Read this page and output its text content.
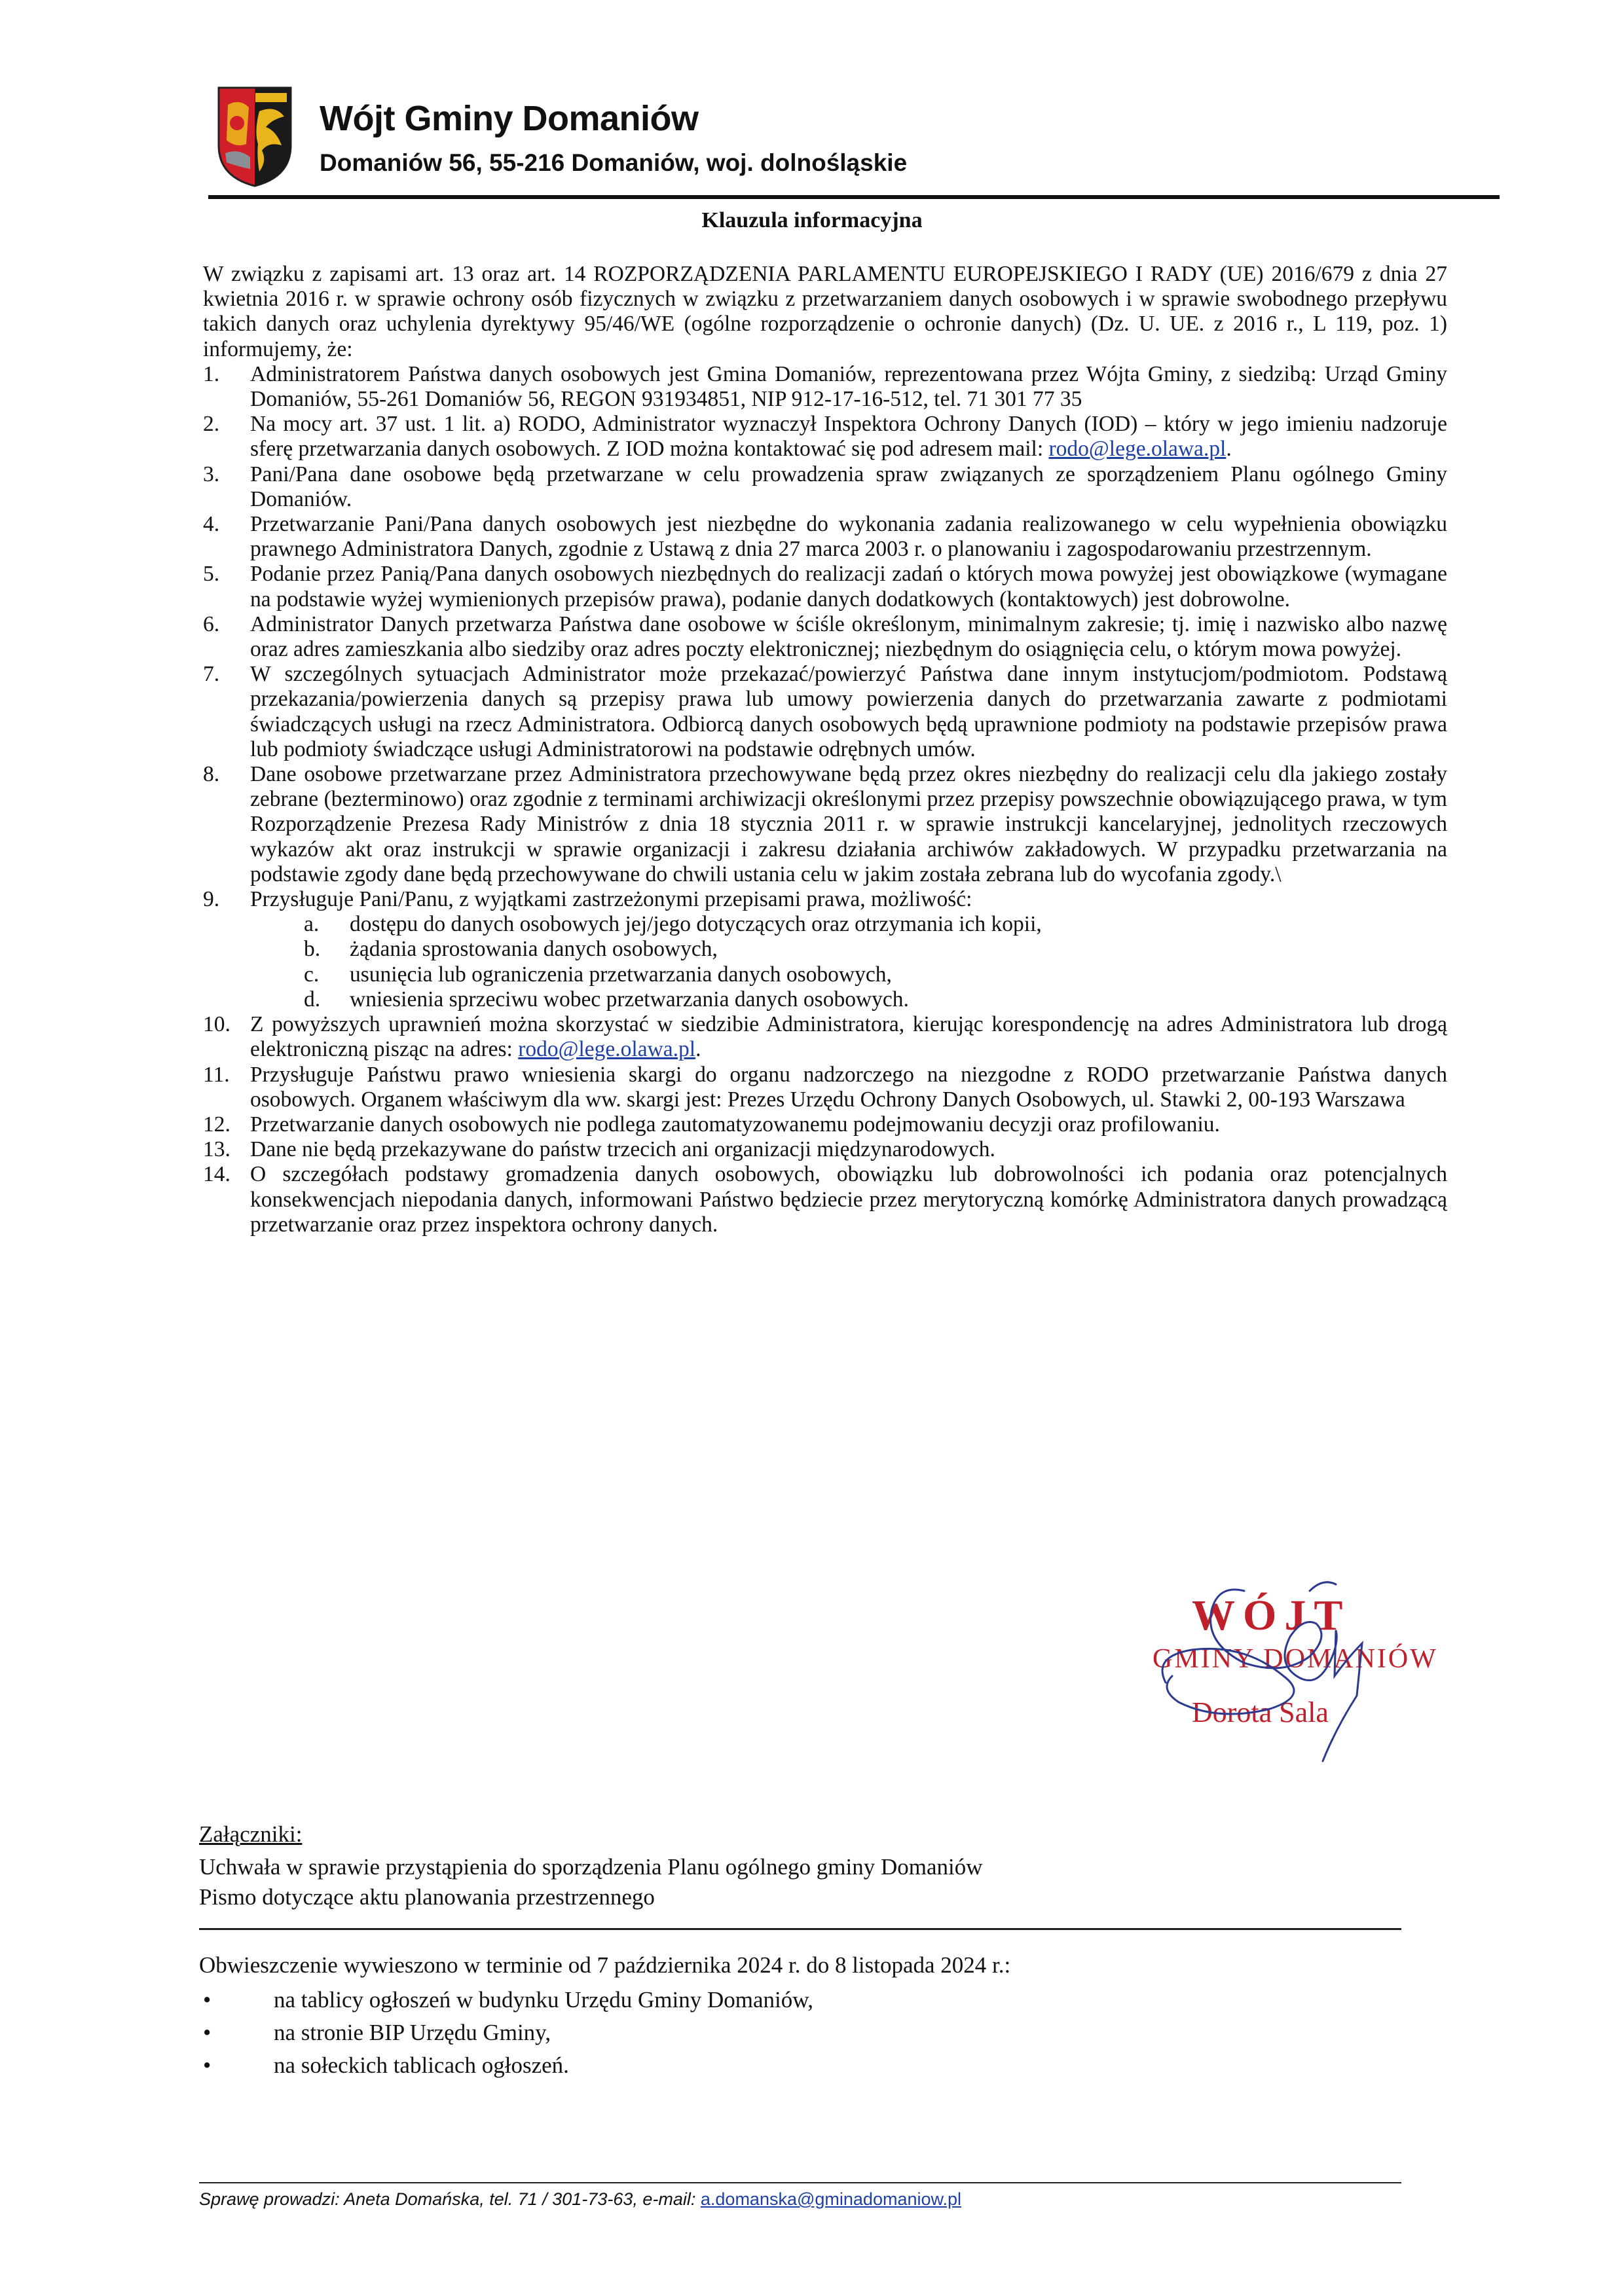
Wójt Gminy Domaniów
Domaniów 56, 55-216 Domaniów, woj. dolnośląskie
Klauzula informacyjna

W związku z zapisami art. 13 oraz art. 14 ROZPORZĄDZENIA PARLAMENTU EUROPEJSKIEGO I RADY (UE) 2016/679 z dnia 27 kwietnia 2016 r. w sprawie ochrony osób fizycznych w związku z przetwarzaniem danych osobowych i w sprawie swobodnego przepływu takich danych oraz uchylenia dyrektywy 95/46/WE (ogólne rozporządzenie o ochronie danych) (Dz. U. UE. z 2016 r., L 119, poz. 1) informujemy, że:

1.	Administratorem Państwa danych osobowych jest Gmina Domaniów, reprezentowana przez Wójta Gminy, z siedzibą: Urząd Gminy Domaniów, 55-261 Domaniów 56, REGON 931934851, NIP 912-17-16-512, tel. 71 301 77 35
2.	Na mocy art. 37 ust. 1 lit. a) RODO, Administrator wyznaczył Inspektora Ochrony Danych (IOD) – który w jego imieniu nadzoruje sferę przetwarzania danych osobowych. Z IOD można kontaktować się pod adresem mail: rodo@lege.olawa.pl.
3.	Pani/Pana dane osobowe będą przetwarzane w celu prowadzenia spraw związanych ze sporządzeniem Planu ogólnego Gminy Domaniów.
4.	Przetwarzanie Pani/Pana danych osobowych jest niezbędne do wykonania zadania realizowanego w celu wypełnienia obowiązku prawnego Administratora Danych, zgodnie z Ustawą z dnia 27 marca 2003 r. o planowaniu i zagospodarowaniu przestrzennym.
5.	Podanie przez Panią/Pana danych osobowych niezbędnych do realizacji zadań o których mowa powyżej jest obowiązkowe (wymagane na podstawie wyżej wymienionych przepisów prawa), podanie danych dodatkowych (kontaktowych) jest dobrowolne.
6.	Administrator Danych przetwarza Państwa dane osobowe w ściśle określonym, minimalnym zakresie; tj. imię i nazwisko albo nazwę oraz adres zamieszkania albo siedziby oraz adres poczty elektronicznej; niezbędnym do osiągnięcia celu, o którym mowa powyżej.
7.	W szczególnych sytuacjach Administrator może przekazać/powierzyć Państwa dane innym instytucjom/podmiotom. Podstawą przekazania/powierzenia danych są przepisy prawa lub umowy powierzenia danych do przetwarzania zawarte z podmiotami świadczących usługi na rzecz Administratora. Odbiorcą danych osobowych będą uprawnione podmioty na podstawie przepisów prawa lub podmioty świadczące usługi Administratorowi na podstawie odrębnych umów.
8.	Dane osobowe przetwarzane przez Administratora przechowywane będą przez okres niezbędny do realizacji celu dla jakiego zostały zebrane (bezterminowo) oraz zgodnie z terminami archiwizacji określonymi przez przepisy powszechnie obowiązującego prawa, w tym Rozporządzenie Prezesa Rady Ministrów z dnia 18 stycznia 2011 r. w sprawie instrukcji kancelaryjnej, jednolitych rzeczowych wykazów akt oraz instrukcji w sprawie organizacji i zakresu działania archiwów zakładowych. W przypadku przetwarzania na podstawie zgody dane będą przechowywane do chwili ustania celu w jakim została zebrana lub do wycofania zgody.\
9.	Przysługuje Pani/Panu, z wyjątkami zastrzeżonymi przepisami prawa, możliwość:
a.	dostępu do danych osobowych jej/jego dotyczących oraz otrzymania ich kopii,
b.	żądania sprostowania danych osobowych,
c.	usunięcia lub ograniczenia przetwarzania danych osobowych,
d.	wniesienia sprzeciwu wobec przetwarzania danych osobowych.
10. Z powyższych uprawnień można skorzystać w siedzibie Administratora, kierując korespondencję na adres Administratora lub drogą elektroniczną pisząc na adres: rodo@lege.olawa.pl.
11. Przysługuje Państwu prawo wniesienia skargi do organu nadzorczego na niezgodne z RODO przetwarzanie Państwa danych osobowych. Organem właściwym dla ww. skargi jest: Prezes Urzędu Ochrony Danych Osobowych, ul. Stawki 2, 00-193 Warszawa
12. Przetwarzanie danych osobowych nie podlega zautomatyzowanemu podejmowaniu decyzji oraz profilowaniu.
13. Dane nie będą przekazywane do państw trzecich ani organizacji międzynarodowych.
14. O szczegółach podstawy gromadzenia danych osobowych, obowiązku lub dobrowolności ich podania oraz potencjalnych konsekwencjach niepodania danych, informowani Państwo będziecie przez merytoryczną komórkę Administratora danych prowadzącą przetwarzanie oraz przez inspektora ochrony danych.
WÓJT
GMINY DOMANIÓW
Dorota Sala
Załączniki:
Uchwała w sprawie przystąpienia do sporządzenia Planu ogólnego gminy Domaniów
Pismo dotyczące aktu planowania przestrzennego
Obwieszczenie wywieszono w terminie od 7 października 2024 r. do 8 listopada 2024 r.:
•	na tablicy ogłoszeń w budynku Urzędu Gminy Domaniów,
•	na stronie BIP Urzędu Gminy,
•	na sołeckich tablicach ogłoszeń.
Sprawę prowadzi: Aneta Domańska, tel. 71 / 301-73-63, e-mail: a.domanska@gminadomaniow.pl
